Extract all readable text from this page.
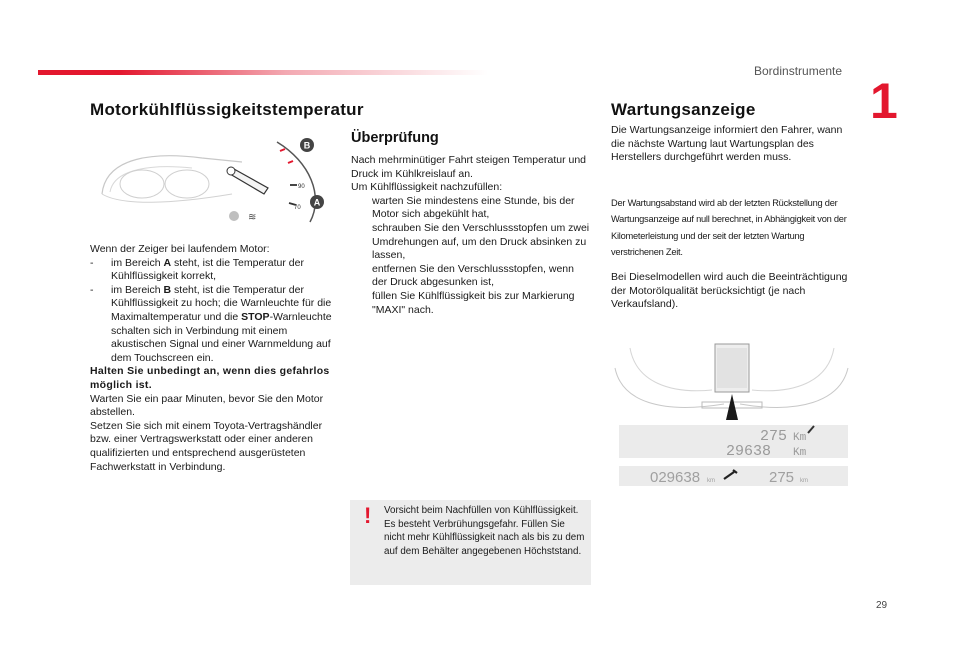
Bordinstrumente
1
29
Motorkühlflüssigkeitstemperatur
90
70
≋
B
A
Wenn der Zeiger bei laufendem Motor:
-	im Bereich A steht, ist die Temperatur der Kühlflüssigkeit korrekt,
-	im Bereich B steht, ist die Temperatur der Kühlflüssigkeit zu hoch; die Warnleuchte für die Maximaltemperatur und die STOP-Warnleuchte schalten sich in Verbindung mit einem akustischen Signal und einer Warnmeldung auf dem Touchscreen ein.
Halten Sie unbedingt an, wenn dies gefahrlos möglich ist.
Warten Sie ein paar Minuten, bevor Sie den Motor abstellen.
Setzen Sie sich mit einem Toyota-Vertragshändler bzw. einer Vertragswerkstatt oder einer anderen qualifizierten und entsprechend ausgerüsteten Fachwerkstatt in Verbindung.
Überprüfung
Nach mehrminütiger Fahrt steigen Temperatur und Druck im Kühlkreislauf an.
Um Kühlflüssigkeit nachzufüllen:
warten Sie mindestens eine Stunde, bis der Motor sich abgekühlt hat,
schrauben Sie den Verschlussstopfen um zwei Umdrehungen auf, um den Druck absinken zu lassen,
entfernen Sie den Verschlussstopfen, wenn der Druck abgesunken ist,
füllen Sie Kühlflüssigkeit bis zur Markierung "MAXI" nach.
! Vorsicht beim Nachfüllen von Kühlflüssigkeit. Es besteht Verbrühungsgefahr. Füllen Sie nicht mehr Kühlflüssigkeit nach als bis zu dem auf dem Behälter angegebenen Höchststand.
Wartungsanzeige
Die Wartungsanzeige informiert den Fahrer, wann die nächste Wartung laut Wartungsplan des Herstellers durchgeführt werden muss.
Der Wartungsabstand wird ab der letzten Rückstellung der Wartungsanzeige auf null berechnet, in Abhängigkeit von der Kilometerleistung und der seit der letzten Wartung verstrichenen Zeit.
Bei Dieselmodellen wird auch die Beeinträchtigung der Motorölqualität berücksichtigt (je nach Verkaufsland).
275 Km
29638 Km
029638 km	275 km
